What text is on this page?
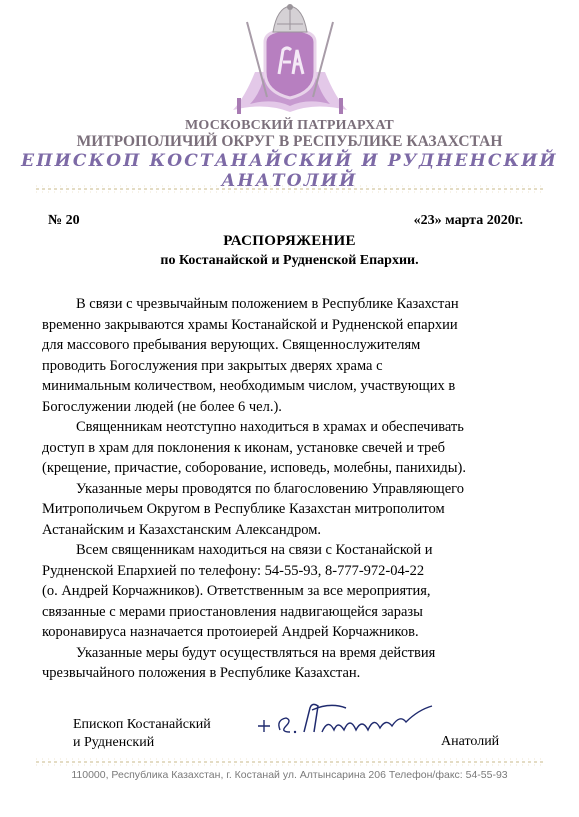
МОСКОВСКИЙ ПАТРИАРХАТ
МИТРОПОЛИЧИЙ ОКРУГ В РЕСПУБЛИКЕ КАЗАХСТАН
ЕПИСКОП КОСТАНАЙСКИЙ И РУДНЕНСКИЙ АНАТОЛИЙ
№ 20	«23» марта 2020г.
РАСПОРЯЖЕНИЕ
по Костанайской и Рудненской Епархии.
В связи с чрезвычайным положением в Республике Казахстан
временно закрываются храмы Костанайской и Рудненской епархии
для массового пребывания верующих. Священнослужителям
проводить Богослужения при закрытых дверях храма с
минимальным количеством, необходимым числом, участвующих в
Богослужении людей (не более 6 чел.).
Священникам неотступно находиться в храмах и обеспечивать
доступ в храм для поклонения к иконам, установке свечей и треб
(крещение, причастие, соборование, исповедь, молебны, панихиды).
Указанные меры проводятся по благословению Управляющего
Митрополичьем Округом в Республике Казахстан митрополитом
Астанайским и Казахстанским Александром.
Всем священникам находиться на связи с Костанайской и
Рудненской Епархией по телефону: 54-55-93, 8-777-972-04-22
(о. Андрей Корчажников). Ответственным за все мероприятия,
связанные с мерами приостановления надвигающейся заразы
коронавируса назначается протоиерей Андрей Корчажников.
Указанные меры будут осуществляться на время действия
чрезвычайного положения в Республике Казахстан.
Епископ Костанайский
и Рудненский	Анатолий
110000, Республика Казахстан, г. Костанай ул. Алтынсарина 206 Телефон/факс: 54-55-93
